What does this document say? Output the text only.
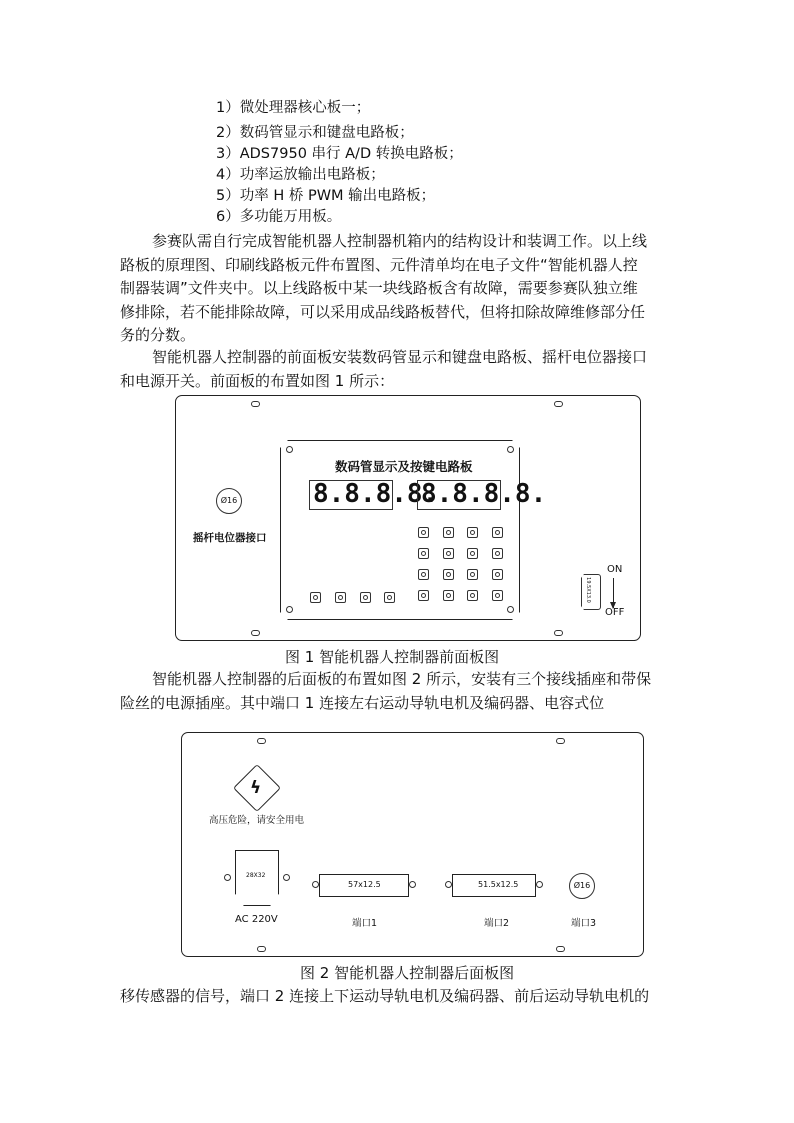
1）微处理器核心板一；
2）数码管显示和键盘电路板；
3）ADS7950 串行 A/D 转换电路板；
4）功率运放输出电路板；
5）功率 H 桥 PWM 输出电路板；
6）多功能万用板。
参赛队需自行完成智能机器人控制器机箱内的结构设计和装调工作。以上线
路板的原理图、印刷线路板元件布置图、元件清单均在电子文件“智能机器人控
制器装调”文件夹中。以上线路板中某一块线路板含有故障，需要参赛队独立维
修排除，若不能排除故障，可以采用成品线路板替代，但将扣除故障维修部分任
务的分数。
智能机器人控制器的前面板安装数码管显示和键盘电路板、摇杆电位器接口
和电源开关。前面板的布置如图 1 所示：
Ø16
摇杆电位器接口
数码管显示及按键电路板
8.8.8.8.
8.8.8.8.
19.5X13.0
ON
OFF
图 1 智能机器人控制器前面板图
智能机器人控制器的后面板的布置如图 2 所示，安装有三个接线插座和带保
险丝的电源插座。其中端口 1 连接左右运动导轨电机及编码器、电容式位
ϟ
高压危险，请安全用电
28X32
AC 220V
57x12.5
端口1
51.5x12.5
端口2
Ø16
端口3
图 2 智能机器人控制器后面板图
移传感器的信号，端口 2 连接上下运动导轨电机及编码器、前后运动导轨电机的
